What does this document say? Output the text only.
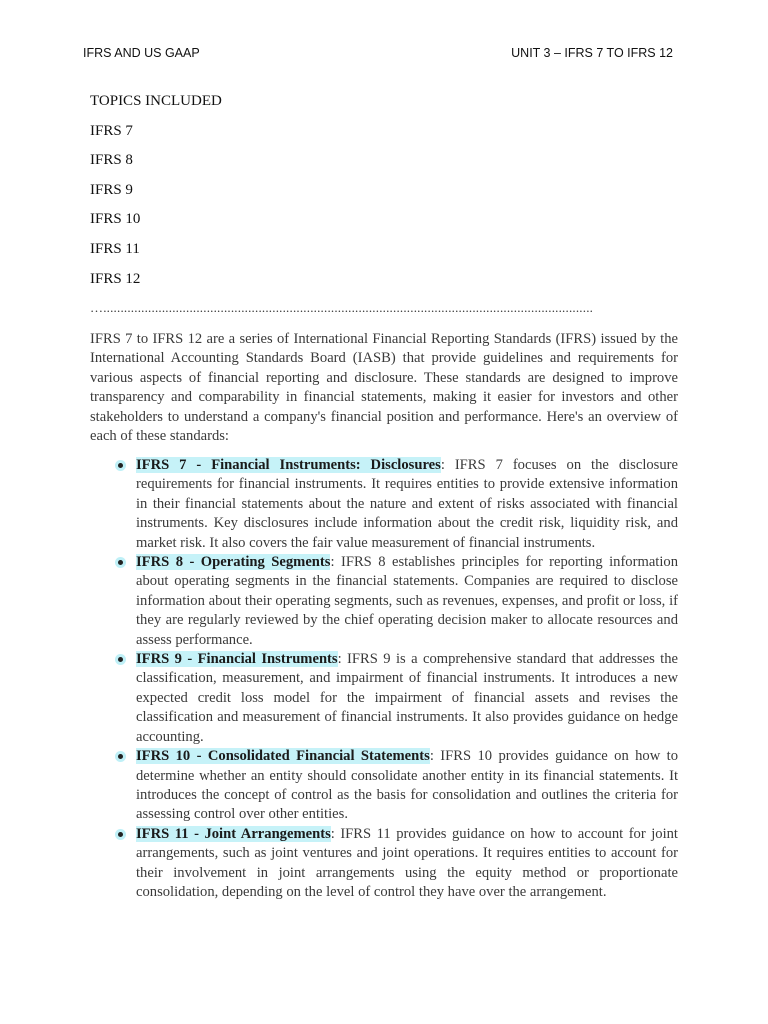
IFRS AND US GAAP	UNIT 3 – IFRS 7 TO IFRS 12
TOPICS INCLUDED
IFRS 7
IFRS 8
IFRS 9
IFRS 10
IFRS 11
IFRS 12
…..............................................................................................................................................

IFRS 7 to IFRS 12 are a series of International Financial Reporting Standards (IFRS) issued by the International Accounting Standards Board (IASB) that provide guidelines and requirements for various aspects of financial reporting and disclosure. These standards are designed to improve transparency and comparability in financial statements, making it easier for investors and other stakeholders to understand a company's financial position and performance. Here's an overview of each of these standards:

IFRS 7 - Financial Instruments: Disclosures: IFRS 7 focuses on the disclosure requirements for financial instruments. It requires entities to provide extensive information in their financial statements about the nature and extent of risks associated with financial instruments. Key disclosures include information about the credit risk, liquidity risk, and market risk. It also covers the fair value measurement of financial instruments.
IFRS 8 - Operating Segments: IFRS 8 establishes principles for reporting information about operating segments in the financial statements. Companies are required to disclose information about their operating segments, such as revenues, expenses, and profit or loss, if they are regularly reviewed by the chief operating decision maker to allocate resources and assess performance.
IFRS 9 - Financial Instruments: IFRS 9 is a comprehensive standard that addresses the classification, measurement, and impairment of financial instruments. It introduces a new expected credit loss model for the impairment of financial assets and revises the classification and measurement of financial instruments. It also provides guidance on hedge accounting.
IFRS 10 - Consolidated Financial Statements: IFRS 10 provides guidance on how to determine whether an entity should consolidate another entity in its financial statements. It introduces the concept of control as the basis for consolidation and outlines the criteria for assessing control over other entities.
IFRS 11 - Joint Arrangements: IFRS 11 provides guidance on how to account for joint arrangements, such as joint ventures and joint operations. It requires entities to account for their involvement in joint arrangements using the equity method or proportionate consolidation, depending on the level of control they have over the arrangement.
